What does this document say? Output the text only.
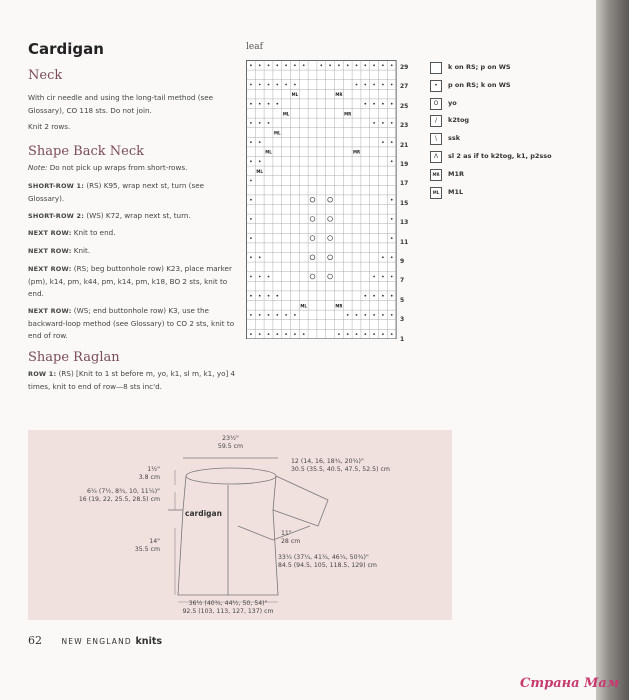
Cardigan
Neck

With cir needle and using the long-tail method (see Glossary), CO 118 sts. Do not join.

Knit 2 rows.

Shape Back Neck

Note: Do not pick up wraps from short-rows.

SHORT-ROW 1: (RS) K95, wrap next st, turn (see Glossary).

SHORT-ROW 2: (WS) K72, wrap next st, turn.

NEXT ROW: Knit to end.

NEXT ROW: Knit.

NEXT ROW: (RS; beg buttonhole row) K23, place marker (pm), k14, pm, k44, pm, k14, pm, k18, BO 2 sts, knit to end.

NEXT ROW: (WS; end buttonhole row) K3, use the backward-loop method (see Glossary) to CO 2 sts, knit to end of row.

Shape Raglan

ROW 1: (RS) [Knit to 1 st before m, yo, k1, sl m, k1, yo] 4 times, knit to end of row—8 sts inc'd.

leaf
ML	MR
ML	MR
ML
ML	MR
ML
ML	MR
29
27
25
23
21
19
17
15
13
11
9
7
5
3
1
k on RS; p on WS
•	p on RS; k on WS
O	yo
/	k2tog
\	ssk
Λ	sl 2 as if to k2tog, k1, p2sso
MR	M1R
ML	M1L
23½"
59.5 cm
1½"
3.8 cm
6¼ (7½, 8¾, 10, 11¼)"
16 (19, 22, 25.5, 28.5) cm
12 (14, 16, 18¾, 20¾)"
30.5 (35.5, 40.5, 47.5, 52.5) cm
cardigan
11"
28 cm
14"
35.5 cm
33¼ (37¼, 41¼, 46¼, 50¾)"
84.5 (94.5, 105, 118.5, 129) cm
36½ (40¾, 44½, 50, 54)"
92.5 (103, 113, 127, 137) cm
62	NEW ENGLAND knits
Страна Мам
